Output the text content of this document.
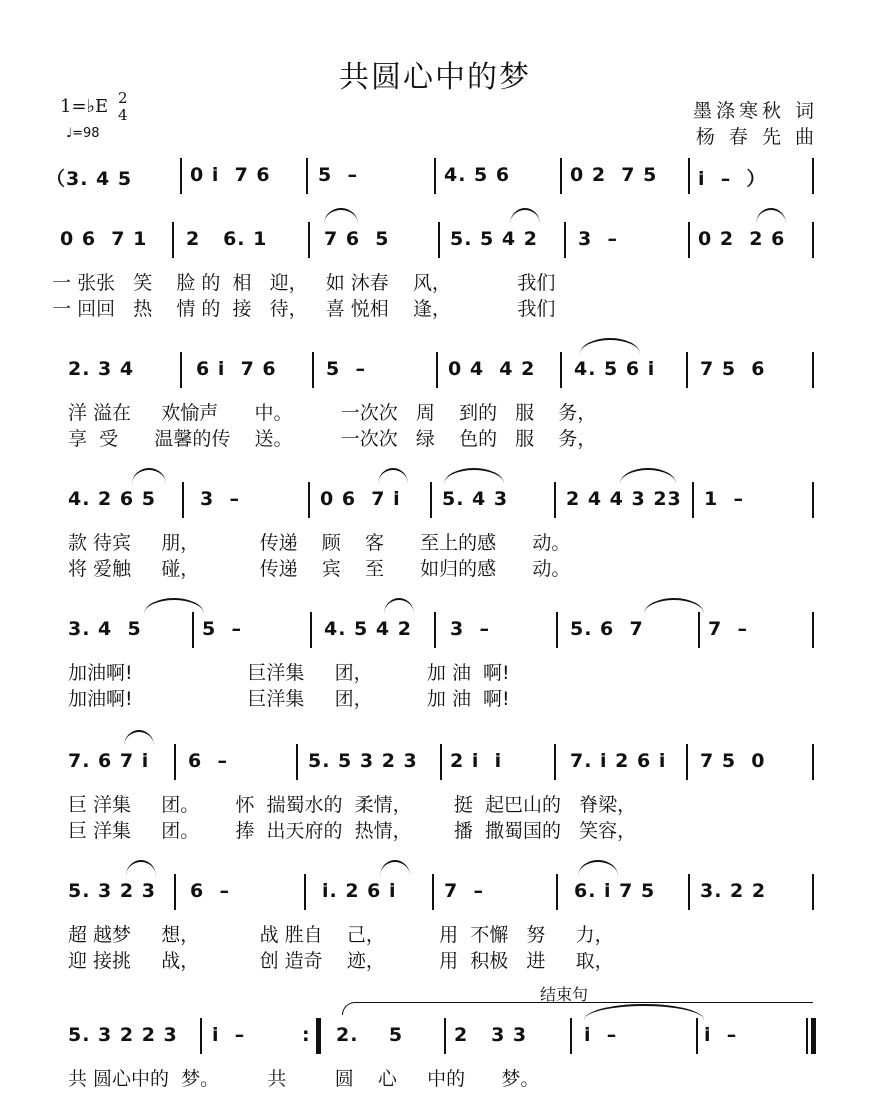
共圆心中的梦
1=♭E 2
4
♩=98
墨涤寒秋 词
杨 春 先 曲
（3. 4 5	0 i  7 6 5  –	4. 5 6	0 2  7 5 i  –  ）
0 6  7 1 2   6. 1	7 6  5	5. 5 4 2 3  –	0 2  2 6
一 张张   笑    脸 的  相   迎，   如 沐春    风，           我们
一 回回   热    情 的  接   待，   喜 悦相    逢，           我们
2. 3 4	6 i  7 6	5  –	0 4  4 2 4. 5 6 i 7 5  6
洋 溢在     欢愉声      中。        一次次   周    到的   服    务，
享  受      温馨的传    送。        一次次   绿    色的   服    务，
4. 2 6 5 3  –	0 6  7 i 5. 4 3	2 4 4 3 23 1  –
款 待宾     朋，          传递    顾    客      至上的感      动。
将 爱触     碰，          传递    宾    至      如归的感      动。
3. 4  5	5  –	4. 5 4 2 3  –	5. 6  7	7  –
加油啊!                   巨洋集     团，         加 油  啊!
加油啊!                   巨洋集     团，         加 油  啊!
7. 6 7 i 6  –	5. 5 3 2 3 2 i  i	7. i 2 6 i 7 5  0
巨 洋集     团。      怀  揣蜀水的  柔情，       挺  起巴山的   脊梁，
巨 洋集     团。      捧  出天府的  热情，       播  撒蜀国的   笑容，
5. 3 2 3 6  –	i. 2 6 i 7  –	6. i 7 5 3. 2 2
超 越梦     想，          战 胜自    己，         用  不懈   努     力，
迎 接挑     战，          创 造奇    迹，         用  积极   进     取，
结束句
5. 3 2 2 3 i  –	: 2.    5	2   3 3	i  –	i  –
共 圆心中的  梦。        共        圆    心     中的      梦。
